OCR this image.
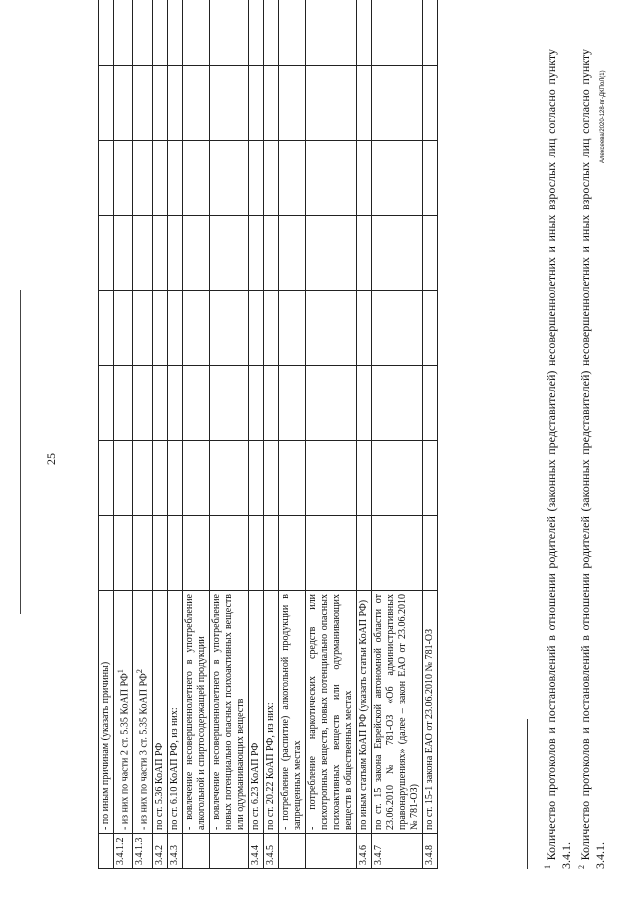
25
	- по иным причинам (указать причины)								
3.4.1.2	- из них по части 2 ст. 5.35 КоАП $РФ^1$								
3.4.1.3	- из них по части 3 ст. 5.35 КоАП $РФ^2$								
3.4.2	по ст. 5.36 КоАП РФ								
3.4.3	по ст. 6.10 КоАП РФ, из них:								
	- вовлечение несовершеннолетнего в употребление алкогольной и спиртосодержащей продукции								
	- вовлечение несовершеннолетнего в употребление новых потенциально опасных психоактивных веществ или одурманивающих веществ								
3.4.4	по ст. 6.23 КоАП РФ								
3.4.5	по ст. 20.22 КоАП РФ, из них:								
	- потребление (распитие) алкогольной продукции в запрещенных местах								
	- потребление наркотических средств или психотропных веществ, новых потенциально опасных психоактивных веществ или одурманивающих веществ в общественных местах								
3.4.6	по иным статьям КоАП РФ (указать статьи КоАП РФ)								
3.4.7	по ст. 15 закона Еврейской автономной области от 23.06.2010 № 781-ОЗ «Об административных правонарушениях» (далее – закон ЕАО от 23.06.2010 № 781-ОЗ)								
3.4.8	по ст. 15-1 закона ЕАО от 23.06.2010 № 781-ОЗ								

$^1$ Количество протоколов и постановлений в отношении родителей (законных представителей) несовершеннолетних и иных взрослых лиц согласно пункту 3.4.1. $^2$ Количество протоколов и постановлений в отношении родителей (законных представителей) несовершеннолетних и иных взрослых лиц согласно пункту 3.4.1.

Алексеева/2020-128-пг-ДКПоЛ(1)
